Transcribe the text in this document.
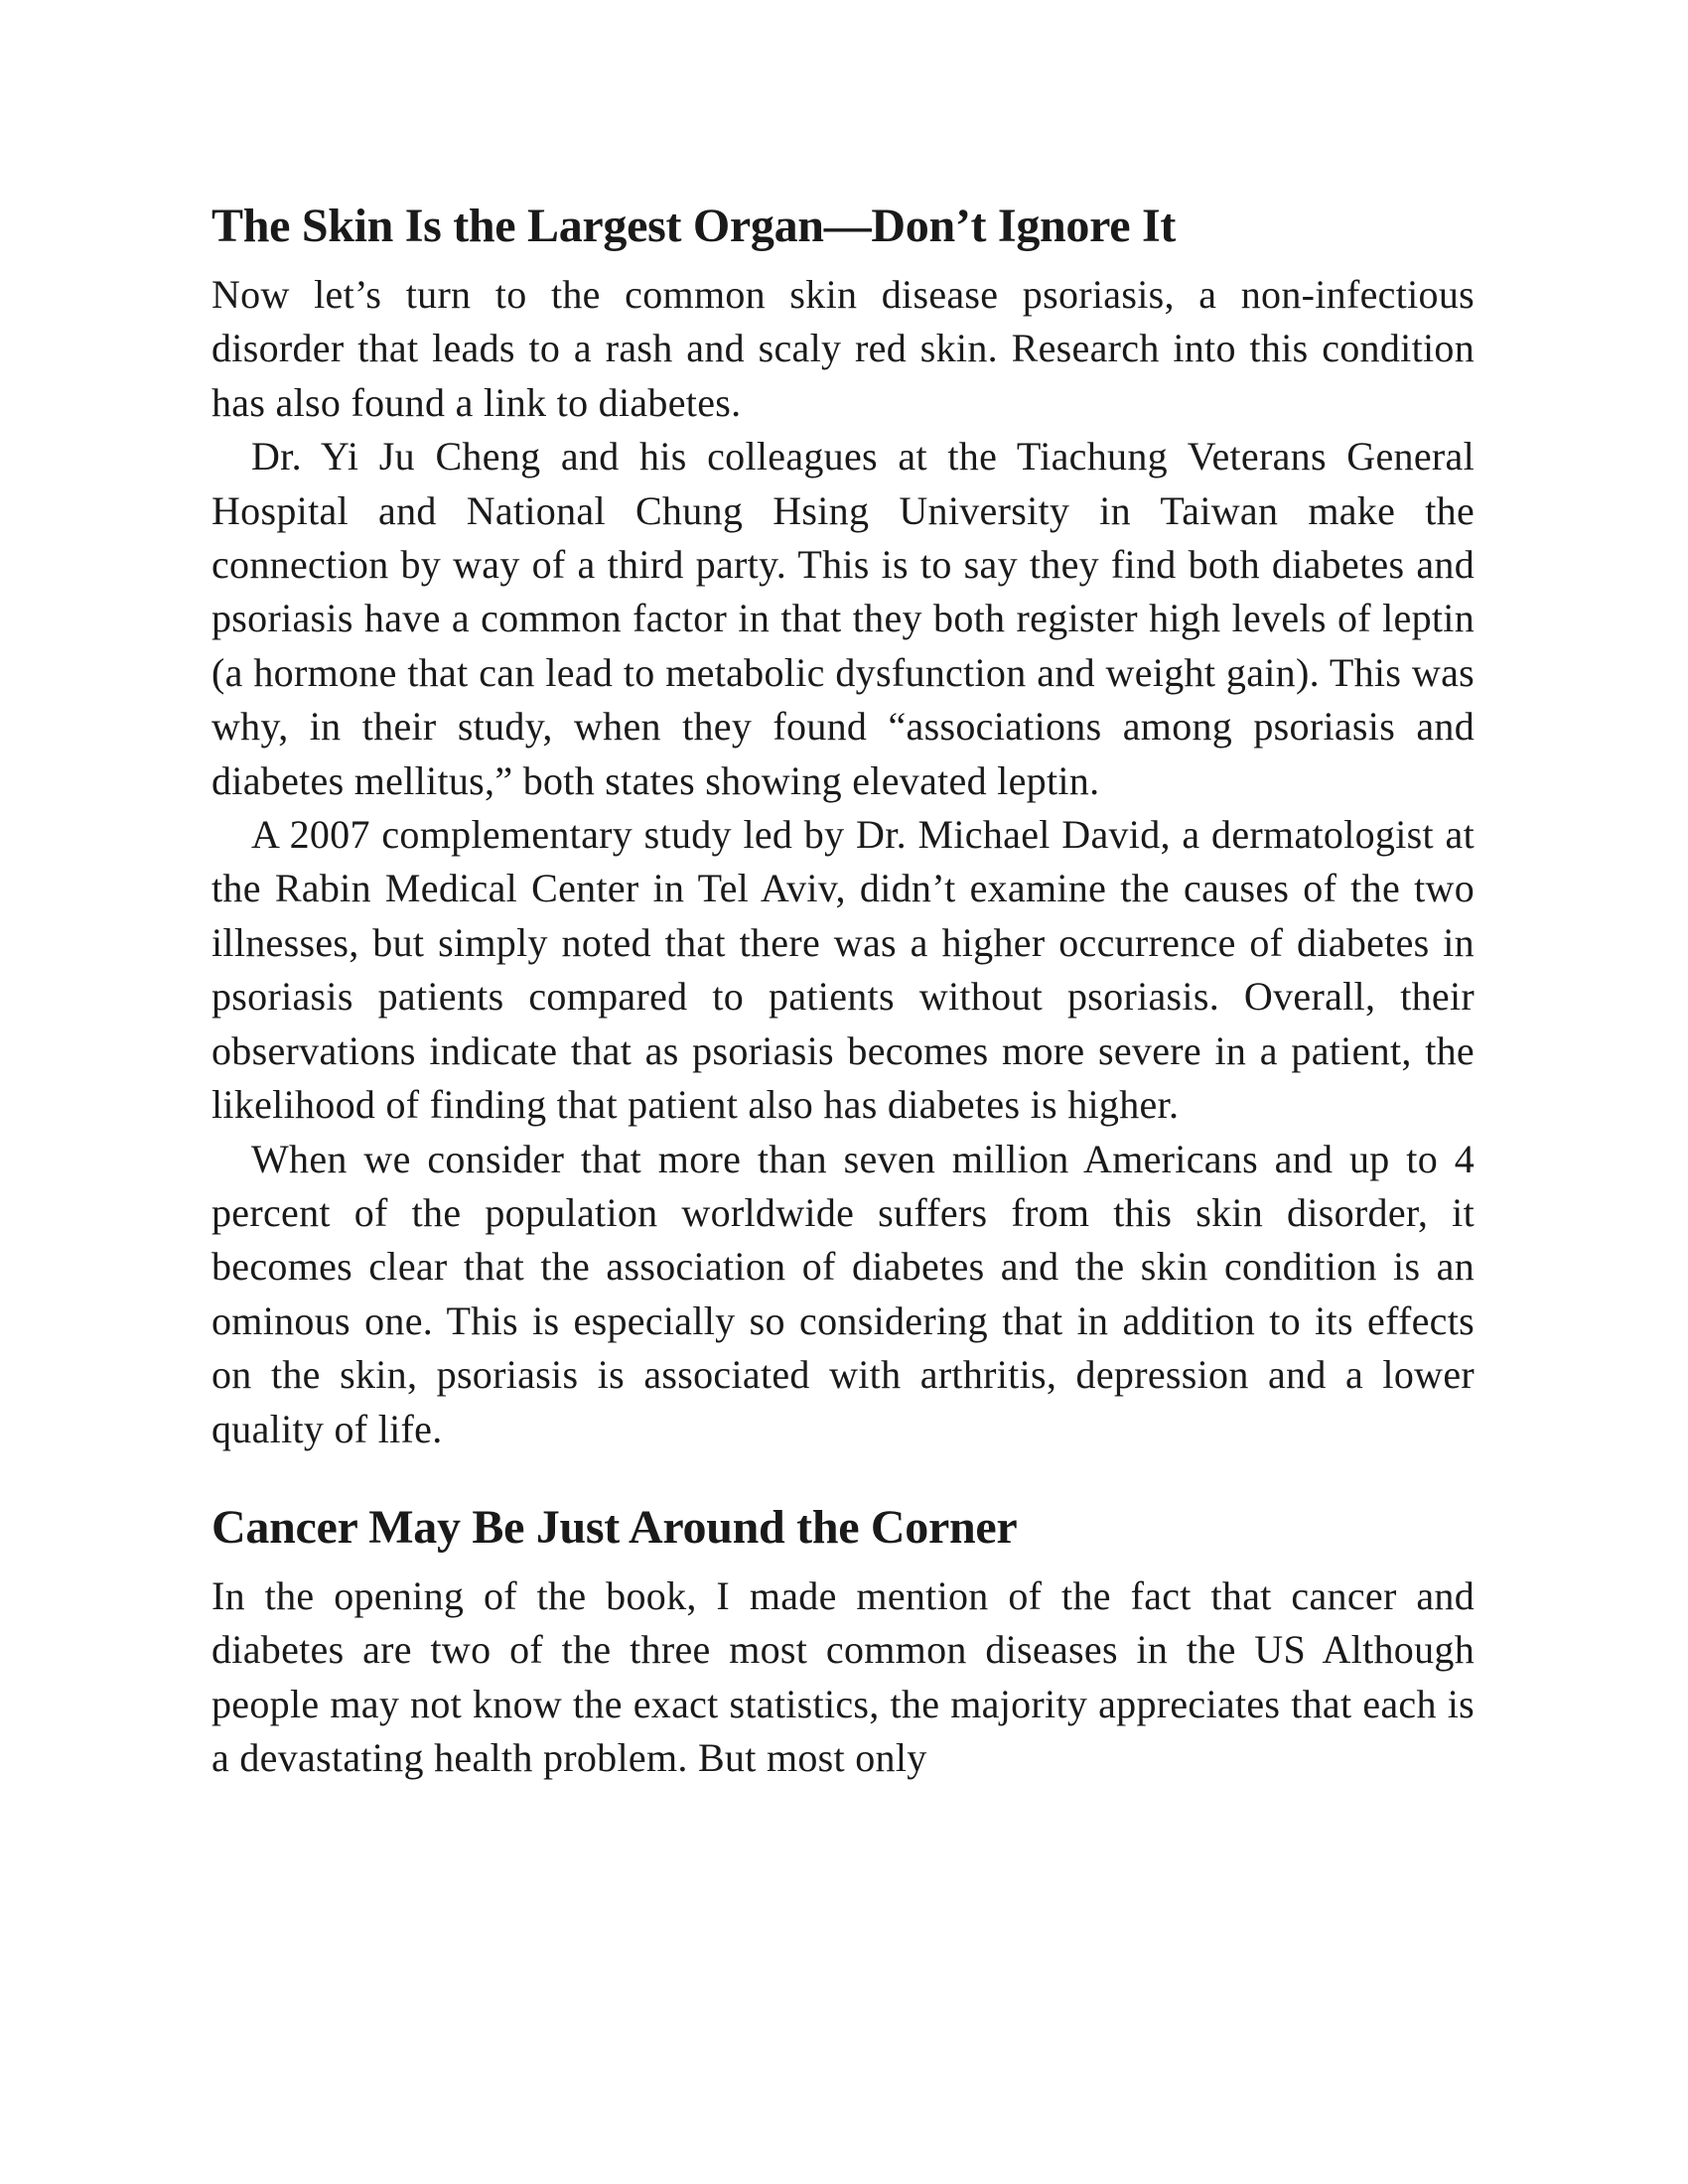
The Skin Is the Largest Organ—Don’t Ignore It

Now let’s turn to the common skin disease psoriasis, a non-infectious disorder that leads to a rash and scaly red skin. Research into this condition has also found a link to diabetes.

Dr. Yi Ju Cheng and his colleagues at the Tiachung Veterans General Hospital and National Chung Hsing University in Taiwan make the connection by way of a third party. This is to say they find both diabetes and psoriasis have a common factor in that they both register high levels of leptin (a hormone that can lead to metabolic dysfunction and weight gain). This was why, in their study, when they found “associations among psoriasis and diabetes mellitus,” both states showing elevated leptin.

A 2007 complementary study led by Dr. Michael David, a dermatologist at the Rabin Medical Center in Tel Aviv, didn’t examine the causes of the two illnesses, but simply noted that there was a higher occurrence of diabetes in psoriasis patients compared to patients without psoriasis. Overall, their observations indicate that as psoriasis becomes more severe in a patient, the likelihood of finding that patient also has diabetes is higher.

When we consider that more than seven million Americans and up to 4 percent of the population worldwide suffers from this skin disorder, it becomes clear that the association of diabetes and the skin condition is an ominous one. This is especially so considering that in addition to its effects on the skin, psoriasis is associated with arthritis, depression and a lower quality of life.

Cancer May Be Just Around the Corner

In the opening of the book, I made mention of the fact that cancer and diabetes are two of the three most common diseases in the US Although people may not know the exact statistics, the majority appreciates that each is a devastating health problem. But most only
